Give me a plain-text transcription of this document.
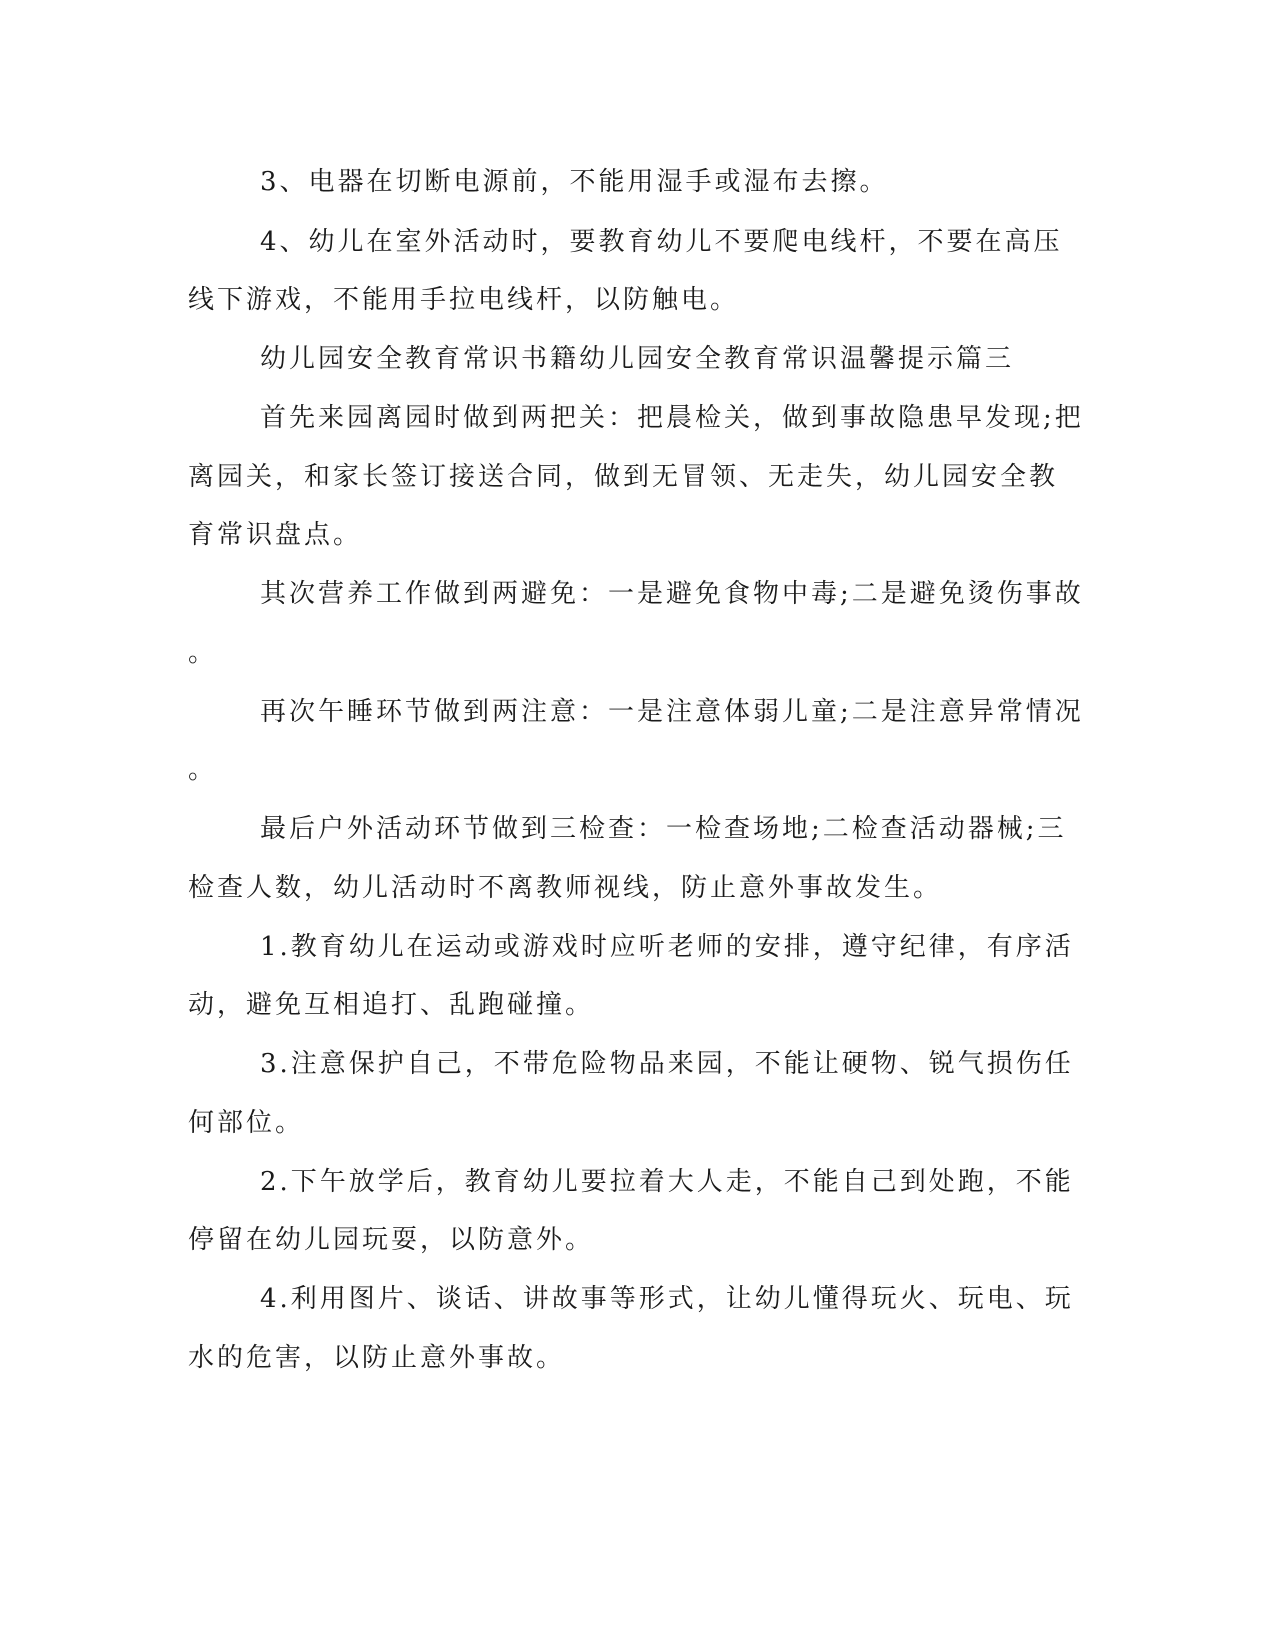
3、电器在切断电源前，不能用湿手或湿布去擦。
4、幼儿在室外活动时，要教育幼儿不要爬电线杆，不要在高压
线下游戏，不能用手拉电线杆，以防触电。
幼儿园安全教育常识书籍幼儿园安全教育常识温馨提示篇三
首先来园离园时做到两把关：把晨检关，做到事故隐患早发现;把
离园关，和家长签订接送合同，做到无冒领、无走失，幼儿园安全教
育常识盘点。
其次营养工作做到两避免：一是避免食物中毒;二是避免烫伤事故
。
再次午睡环节做到两注意：一是注意体弱儿童;二是注意异常情况
。
最后户外活动环节做到三检查：一检查场地;二检查活动器械;三
检查人数，幼儿活动时不离教师视线，防止意外事故发生。
1.教育幼儿在运动或游戏时应听老师的安排，遵守纪律，有序活
动，避免互相追打、乱跑碰撞。
3.注意保护自己，不带危险物品来园，不能让硬物、锐气损伤任
何部位。
2.下午放学后，教育幼儿要拉着大人走，不能自己到处跑，不能
停留在幼儿园玩耍，以防意外。
4.利用图片、谈话、讲故事等形式，让幼儿懂得玩火、玩电、玩
水的危害，以防止意外事故。
